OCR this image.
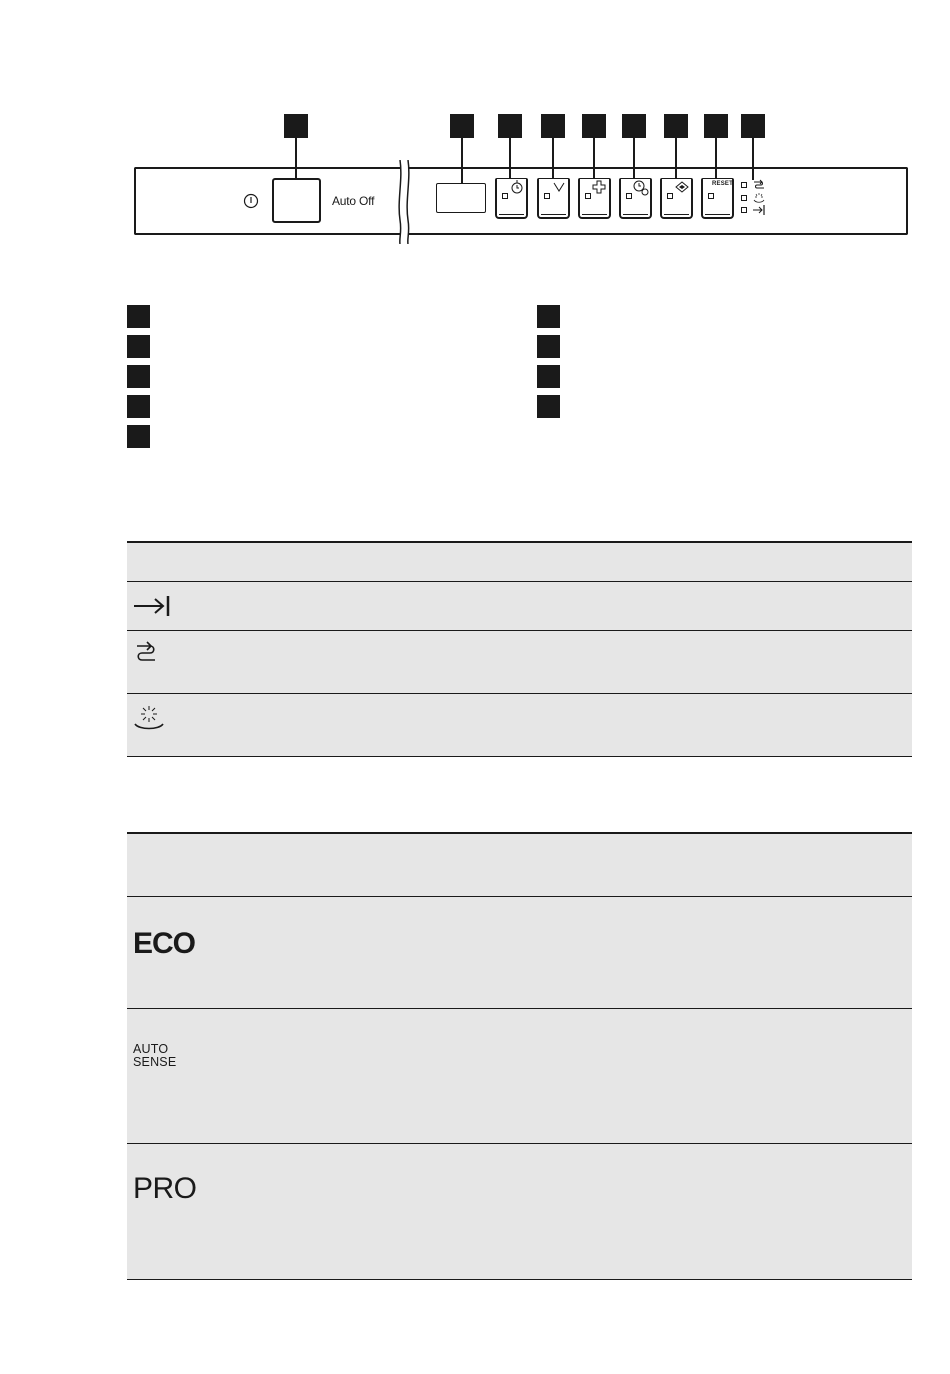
Auto Off
RESET
ECO
AUTO
SENSE
PRO
